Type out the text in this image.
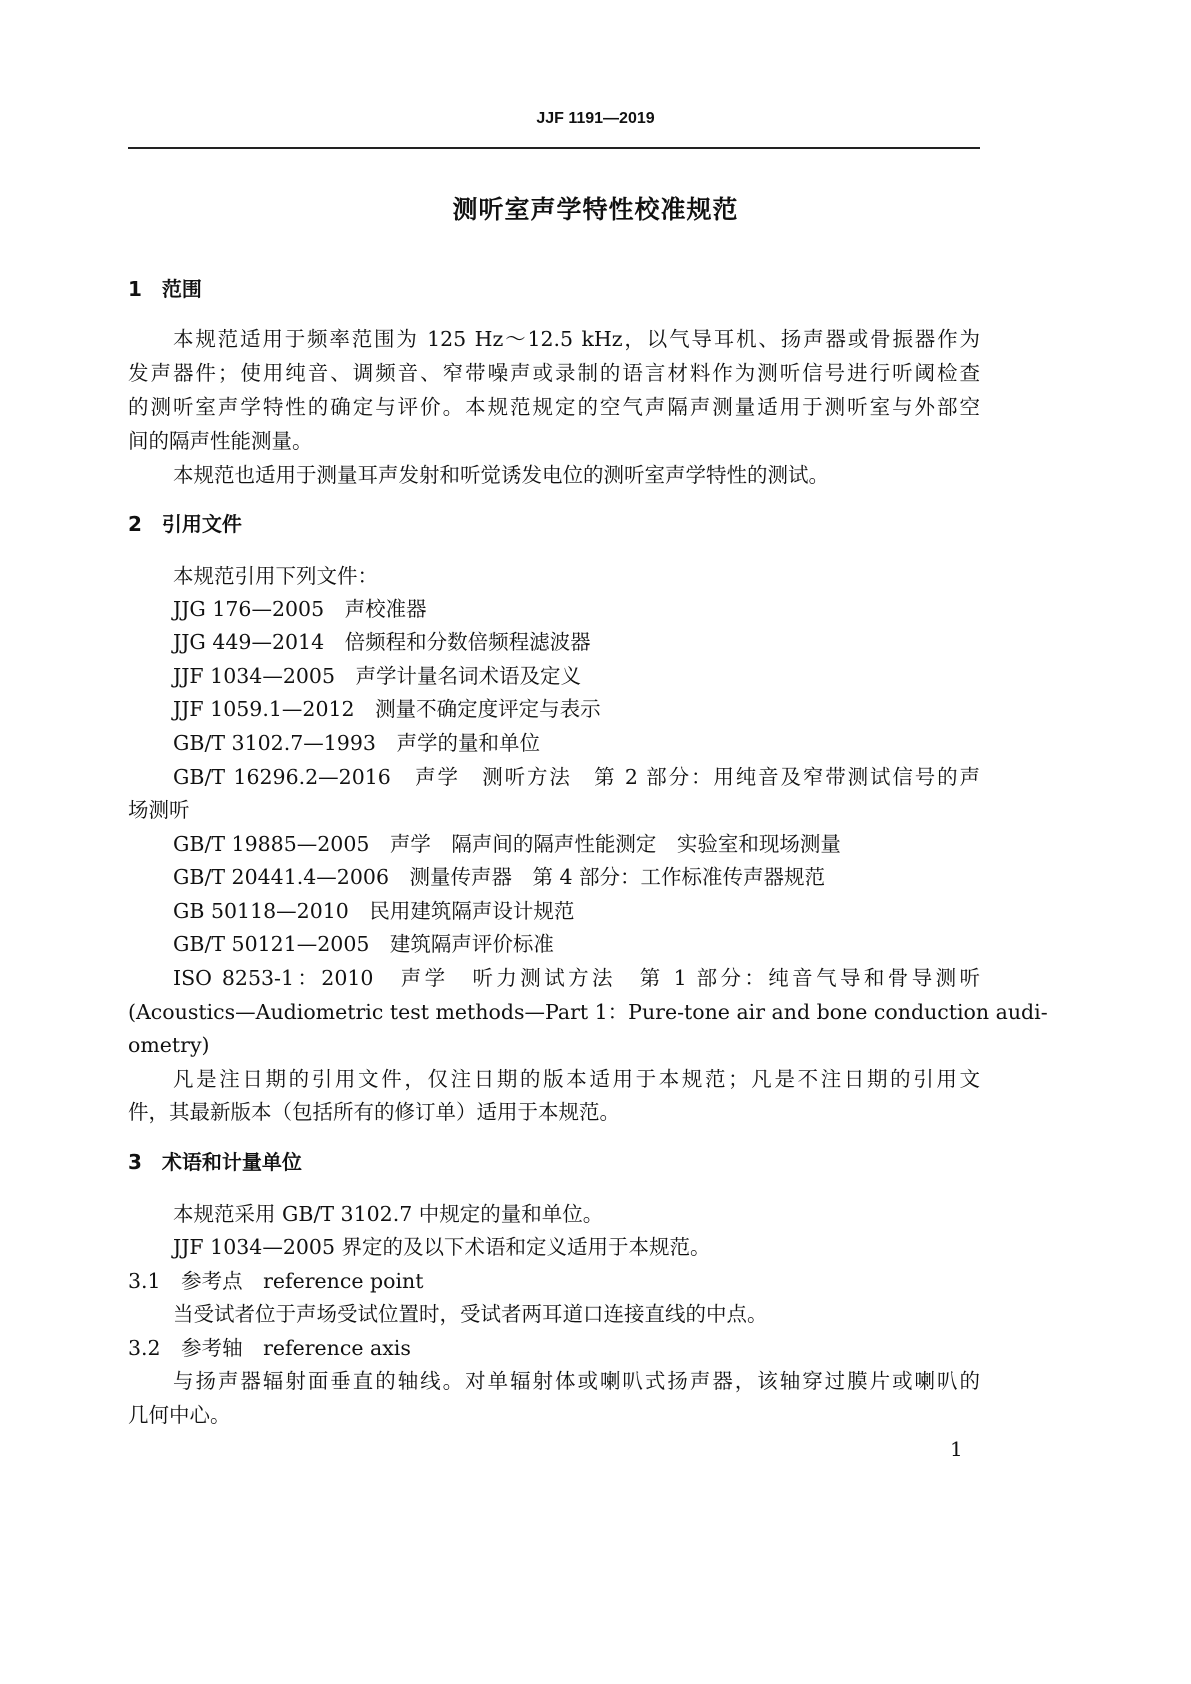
JJF 1191—2019
测听室声学特性校准规范
1　范围
本规范适用于频率范围为 125 Hz～12.5 kHz，以气导耳机、扬声器或骨振器作为
发声器件；使用纯音、调频音、窄带噪声或录制的语言材料作为测听信号进行听阈检查
的测听室声学特性的确定与评价。本规范规定的空气声隔声测量适用于测听室与外部空
间的隔声性能测量。
本规范也适用于测量耳声发射和听觉诱发电位的测听室声学特性的测试。
2　引用文件
本规范引用下列文件：
JJG 176—2005　声校准器
JJG 449—2014　倍频程和分数倍频程滤波器
JJF 1034—2005　声学计量名词术语及定义
JJF 1059.1—2012　测量不确定度评定与表示
GB/T 3102.7—1993　声学的量和单位
GB/T 16296.2—2016　声学　测听方法　第 2 部分：用纯音及窄带测试信号的声
场测听
GB/T 19885—2005　声学　隔声间的隔声性能测定　实验室和现场测量
GB/T 20441.4—2006　测量传声器　第 4 部分：工作标准传声器规范
GB 50118—2010　民用建筑隔声设计规范
GB/T 50121—2005　建筑隔声评价标准
ISO 8253-1：2010　声学　听力测试方法　第 1 部分：纯音气导和骨导测听
(Acoustics—Audiometric test methods—Part 1：Pure-tone air and bone conduction audi-
ometry)
凡是注日期的引用文件，仅注日期的版本适用于本规范；凡是不注日期的引用文
件，其最新版本（包括所有的修订单）适用于本规范。
3　术语和计量单位
本规范采用 GB/T 3102.7 中规定的量和单位。
JJF 1034—2005 界定的及以下术语和定义适用于本规范。
3.1　参考点　reference point
当受试者位于声场受试位置时，受试者两耳道口连接直线的中点。
3.2　参考轴　reference axis
与扬声器辐射面垂直的轴线。对单辐射体或喇叭式扬声器，该轴穿过膜片或喇叭的
几何中心。
1
